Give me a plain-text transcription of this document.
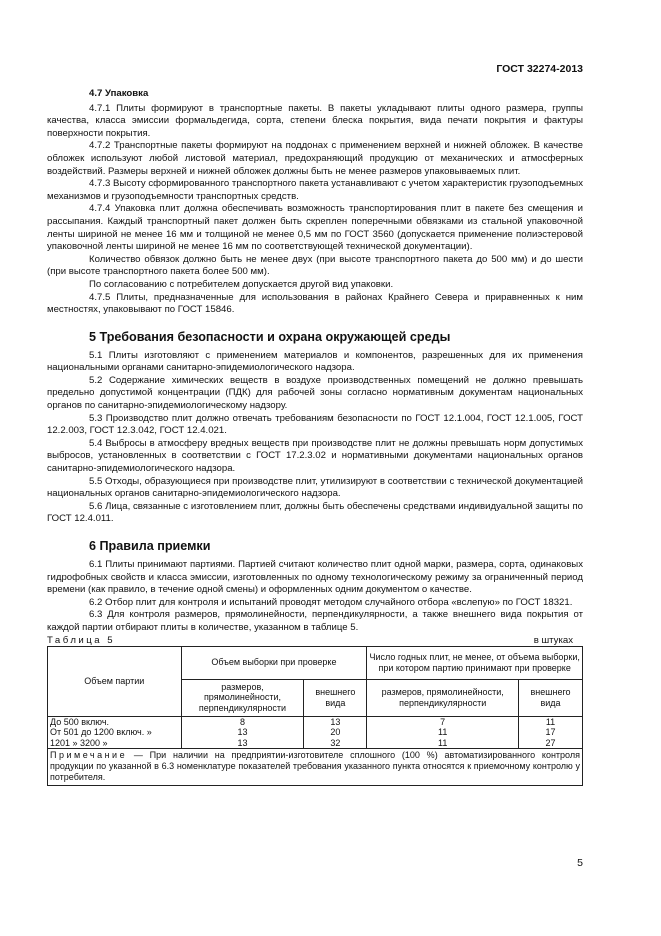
ГОСТ 32274-2013

4.7 Упаковка

4.7.1 Плиты формируют в транспортные пакеты. В пакеты укладывают плиты одного размера, группы качества, класса эмиссии формальдегида, сорта, степени блеска покрытия, вида печати покрытия и фактуры поверхности покрытия.

4.7.2 Транспортные пакеты формируют на поддонах с применением верхней и нижней обложек. В качестве обложек используют любой листовой материал, предохраняющий продукцию от механических и атмосферных воздействий. Размеры верхней и нижней обложек должны быть не менее размеров упаковываемых плит.

4.7.3 Высоту сформированного транспортного пакета устанавливают с учетом характеристик грузоподъемных механизмов и грузоподъемности транспортных средств.

4.7.4 Упаковка плит должна обеспечивать возможность транспортирования плит в пакете без смещения и рассыпания. Каждый транспортный пакет должен быть скреплен поперечными обвязками из стальной упаковочной ленты шириной не менее 16 мм и толщиной не менее 0,5 мм по ГОСТ 3560 (допускается применение полиэстеровой упаковочной ленты шириной не менее 16 мм по соответствующей технической документации).

Количество обвязок должно быть не менее двух (при высоте транспортного пакета до 500 мм) и до шести (при высоте транспортного пакета более 500 мм).

По согласованию с потребителем допускается другой вид упаковки.

4.7.5 Плиты, предназначенные для использования в районах Крайнего Севера и приравненных к ним местностях, упаковывают по ГОСТ 15846.

5 Требования безопасности и охрана окружающей среды

5.1 Плиты изготовляют с применением материалов и компонентов, разрешенных для их применения национальными органами санитарно-эпидемиологического надзора.

5.2 Содержание химических веществ в воздухе производственных помещений не должно превышать предельно допустимой концентрации (ПДК) для рабочей зоны согласно нормативным документам национальных органов по санитарно-эпидемиологическому надзору.

5.3 Производство плит должно отвечать требованиям безопасности по ГОСТ 12.1.004, ГОСТ 12.1.005, ГОСТ 12.2.003, ГОСТ 12.3.042, ГОСТ 12.4.021.

5.4 Выбросы в атмосферу вредных веществ при производстве плит не должны превышать норм допустимых выбросов, установленных в соответствии с ГОСТ 17.2.3.02 и нормативными документами национальных органов санитарно-эпидемиологического надзора.

5.5 Отходы, образующиеся при производстве плит, утилизируют в соответствии с технической документацией национальных органов санитарно-эпидемиологического надзора.

5.6 Лица, связанные с изготовлением плит, должны быть обеспечены средствами индивидуальной защиты по ГОСТ 12.4.011.

6 Правила приемки

6.1 Плиты принимают партиями. Партией считают количество плит одной марки, размера, сорта, одинаковых гидрофобных свойств и класса эмиссии, изготовленных по одному технологическому режиму за ограниченный период времени (как правило, в течение одной смены) и оформленных одним документом о качестве.

6.2 Отбор плит для контроля и испытаний проводят методом случайного отбора «вслепую» по ГОСТ 18321.

6.3 Для контроля размеров, прямолинейности, перпендикулярности, а также внешнего вида покрытия от каждой партии отбирают плиты в количестве, указанном в таблице 5.

Таблица 5	в штуках
Объем партии	Объем выборки при проверке		Число годных плит, не менее, от объема выборки, при котором партию принимают при проверке	
	размеров, прямолинейности, перпендикулярности	внешнего вида	размеров, прямолинейности, перпендикулярности	внешнего вида
До 500 включ.	8	13	7	11
От 501 до 1200 включ. »	13	20	11	17
1201 » 3200 »	13	32	11	27
Примечание — При наличии на предприятии-изготовителе сплошного (100 %) автоматизированного контроля продукции по указанной в 6.3 номенклатуре показателей требования указанного пункта относятся к приемочному контролю у потребителя.
5
